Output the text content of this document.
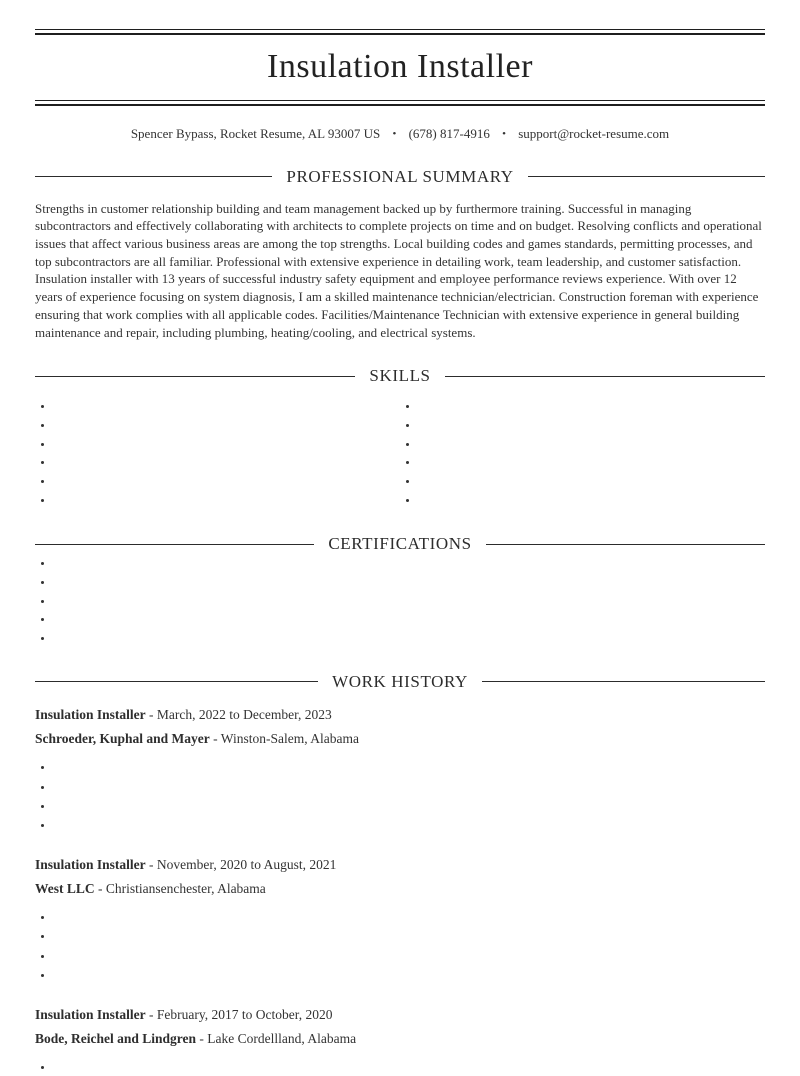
Insulation Installer
Spencer Bypass, Rocket Resume, AL 93007 US • (678) 817-4916 • support@rocket-resume.com
PROFESSIONAL SUMMARY

Strengths in customer relationship building and team management backed up by furthermore training. Successful in managing subcontractors and effectively collaborating with architects to complete projects on time and on budget. Resolving conflicts and operational issues that affect various business areas are among the top strengths. Local building codes and games standards, permitting processes, and top subcontractors are all familiar. Professional with extensive experience in detailing work, team leadership, and customer satisfaction. Insulation installer with 13 years of successful industry safety equipment and employee performance reviews experience. With over 12 years of experience focusing on system diagnosis, I am a skilled maintenance technician/electrician. Construction foreman with experience ensuring that work complies with all applicable codes. Facilities/Maintenance Technician with extensive experience in general building maintenance and repair, including plumbing, heating/cooling, and electrical systems.

SKILLS
•
•
•
•
•
•
•
•
•
•
•
•
CERTIFICATIONS
•
•
•
•
•
WORK HISTORY

Insulation Installer - March, 2022 to December, 2023

Schroeder, Kuphal and Mayer - Winston-Salem, Alabama

•
•
•
•

Insulation Installer - November, 2020 to August, 2021

West LLC - Christiansenchester, Alabama

•
•
•
•

Insulation Installer - February, 2017 to October, 2020

Bode, Reichel and Lindgren - Lake Cordellland, Alabama

•
